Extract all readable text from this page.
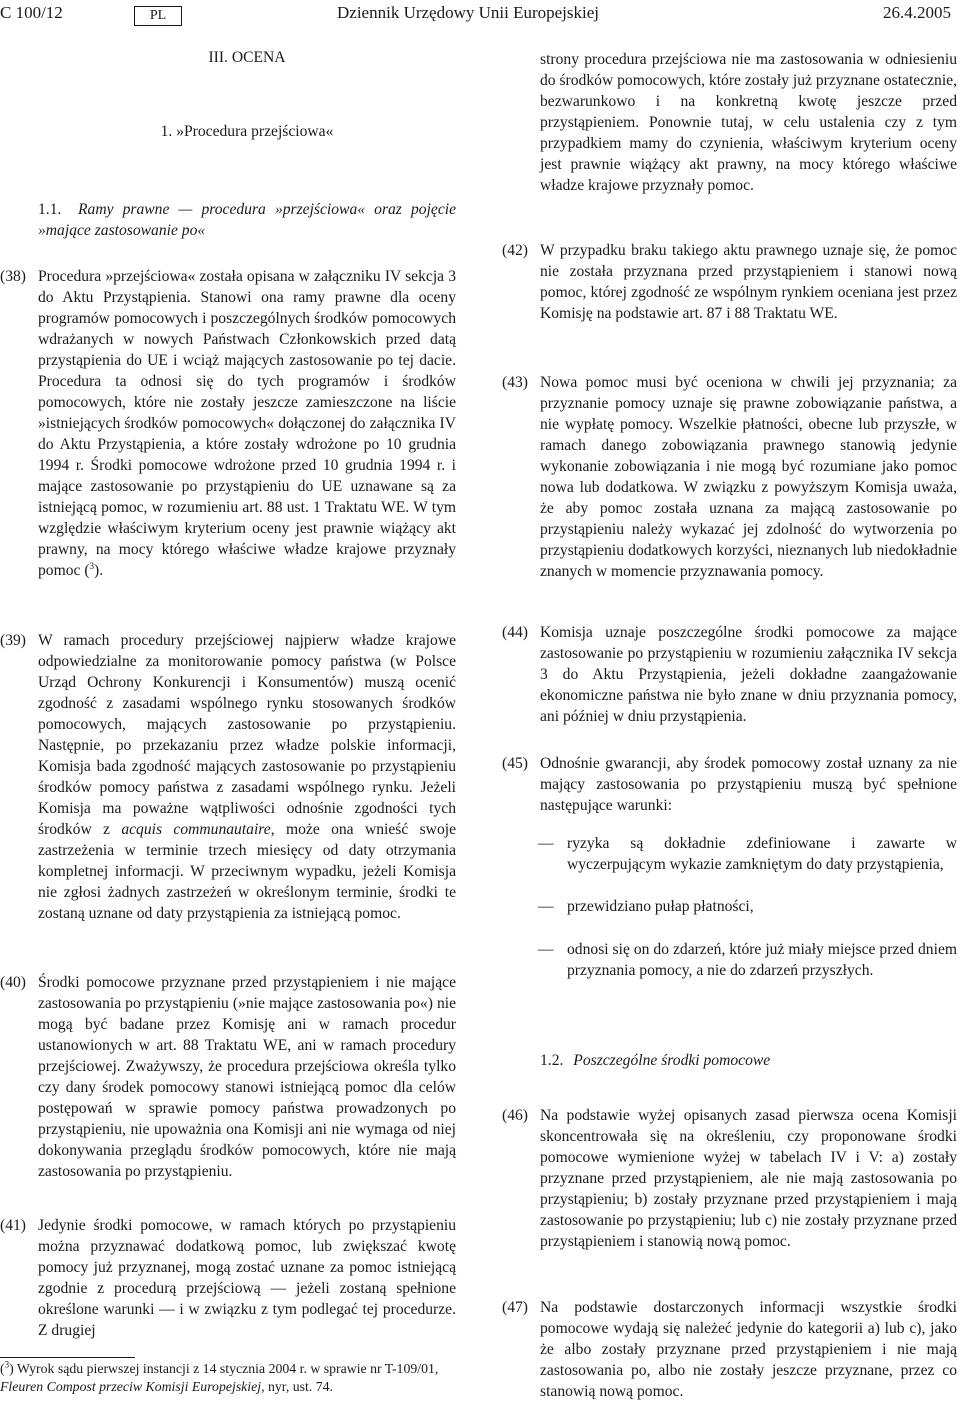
C 100/12	PL	Dziennik Urzędowy Unii Europejskiej	26.4.2005
III. OCENA
1. »Procedura przejściowa«
1.1.	Ramy prawne — procedura »przejściowa« oraz pojęcie
»mające zastosowanie po«
(38) Procedura »przejściowa« została opisana w załączniku IV sekcja 3 do Aktu Przystąpienia. Stanowi ona ramy prawne dla oceny programów pomocowych i poszczególnych środków pomocowych wdrażanych w nowych Państwach Członkowskich przed datą przystąpienia do UE i wciąż mających zastosowanie po tej dacie. Procedura ta odnosi się do tych programów i środków pomocowych, które nie zostały jeszcze zamieszczone na liście »istniejących środków pomocowych« dołączonej do załącznika IV do Aktu Przystąpienia, a które zostały wdrożone po 10 grudnia 1994 r. Środki pomocowe wdrożone przed 10 grudnia 1994 r. i mające zastosowanie po przystąpieniu do UE uznawane są za istniejącą pomoc, w rozumieniu art. 88 ust. 1 Traktatu WE. W tym względzie właściwym kryterium oceny jest prawnie wiążący akt prawny, na mocy którego właściwe władze krajowe przyznały pomoc ($^3$).
(39) W ramach procedury przejściowej najpierw władze krajowe odpowiedzialne za monitorowanie pomocy państwa (w Polsce Urząd Ochrony Konkurencji i Konsumentów) muszą ocenić zgodność z zasadami wspólnego rynku stosowanych środków pomocowych, mających zastosowanie po przystąpieniu. Następnie, po przekazaniu przez władze polskie informacji, Komisja bada zgodność mających zastosowanie po przystąpieniu środków pomocy państwa z zasadami wspólnego rynku. Jeżeli Komisja ma poważne wątpliwości odnośnie zgodności tych środków z acquis communautaire, może ona wnieść swoje zastrzeżenia w terminie trzech miesięcy od daty otrzymania kompletnej informacji. W przeciwnym wypadku, jeżeli Komisja nie zgłosi żadnych zastrzeżeń w określonym terminie, środki te zostaną uznane od daty przystąpienia za istniejącą pomoc.
(40) Środki pomocowe przyznane przed przystąpieniem i nie mające zastosowania po przystąpieniu (»nie mające zastosowania po«) nie mogą być badane przez Komisję ani w ramach procedur ustanowionych w art. 88 Traktatu WE, ani w ramach procedury przejściowej. Zważywszy, że procedura przejściowa określa tylko czy dany środek pomocowy stanowi istniejącą pomoc dla celów postępowań w sprawie pomocy państwa prowadzonych po przystąpieniu, nie upoważnia ona Komisji ani nie wymaga od niej dokonywania przeglądu środków pomocowych, które nie mają zastosowania po przystąpieniu.
(41) Jedynie środki pomocowe, w ramach których po przystąpieniu można przyznawać dodatkową pomoc, lub zwiększać kwotę pomocy już przyznanej, mogą zostać uznane za pomoc istniejącą zgodnie z procedurą przejściową — jeżeli zostaną spełnione określone warunki — i w związku z tym podlegać tej procedurze. Z drugiej
($^3$) Wyrok sądu pierwszej instancji z 14 stycznia 2004 r. w sprawie nr T-109/01, Fleuren Compost przeciw Komisji Europejskiej, nyr, ust. 74.
strony procedura przejściowa nie ma zastosowania w odniesieniu do środków pomocowych, które zostały już przyznane ostatecznie, bezwarunkowo i na konkretną kwotę jeszcze przed przystąpieniem. Ponownie tutaj, w celu ustalenia czy z tym przypadkiem mamy do czynienia, właściwym kryterium oceny jest prawnie wiążący akt prawny, na mocy którego właściwe władze krajowe przyznały pomoc.
(42) W przypadku braku takiego aktu prawnego uznaje się, że pomoc nie została przyznana przed przystąpieniem i stanowi nową pomoc, której zgodność ze wspólnym rynkiem oceniana jest przez Komisję na podstawie art. 87 i 88 Traktatu WE.
(43) Nowa pomoc musi być oceniona w chwili jej przyznania; za przyznanie pomocy uznaje się prawne zobowiązanie państwa, a nie wypłatę pomocy. Wszelkie płatności, obecne lub przyszłe, w ramach danego zobowiązania prawnego stanowią jedynie wykonanie zobowiązania i nie mogą być rozumiane jako pomoc nowa lub dodatkowa. W związku z powyższym Komisja uważa, że aby pomoc została uznana za mającą zastosowanie po przystąpieniu należy wykazać jej zdolność do wytworzenia po przystąpieniu dodatkowych korzyści, nieznanych lub niedokładnie znanych w momencie przyznawania pomocy.
(44) Komisja uznaje poszczególne środki pomocowe za mające zastosowanie po przystąpieniu w rozumieniu załącznika IV sekcja 3 do Aktu Przystąpienia, jeżeli dokładne zaangażowanie ekonomiczne państwa nie było znane w dniu przyznania pomocy, ani później w dniu przystąpienia.
(45) Odnośnie gwarancji, aby środek pomocowy został uznany za nie mający zastosowania po przystąpieniu muszą być spełnione następujące warunki:
— ryzyka są dokładnie zdefiniowane i zawarte w wyczerpującym wykazie zamkniętym do daty przystąpienia,
— przewidziano pułap płatności,
— odnosi się on do zdarzeń, które już miały miejsce przed dniem przyznania pomocy, a nie do zdarzeń przyszłych.
1.2. Poszczególne środki pomocowe
(46) Na podstawie wyżej opisanych zasad pierwsza ocena Komisji skoncentrowała się na określeniu, czy proponowane środki pomocowe wymienione wyżej w tabelach IV i V: a) zostały przyznane przed przystąpieniem, ale nie mają zastosowania po przystąpieniu; b) zostały przyznane przed przystąpieniem i mają zastosowanie po przystąpieniu; lub c) nie zostały przyznane przed przystąpieniem i stanowią nową pomoc.
(47) Na podstawie dostarczonych informacji wszystkie środki pomocowe wydają się należeć jedynie do kategorii a) lub c), jako że albo zostały przyznane przed przystąpieniem i nie mają zastosowania po, albo nie zostały jeszcze przyznane, przez co stanowią nową pomoc.
